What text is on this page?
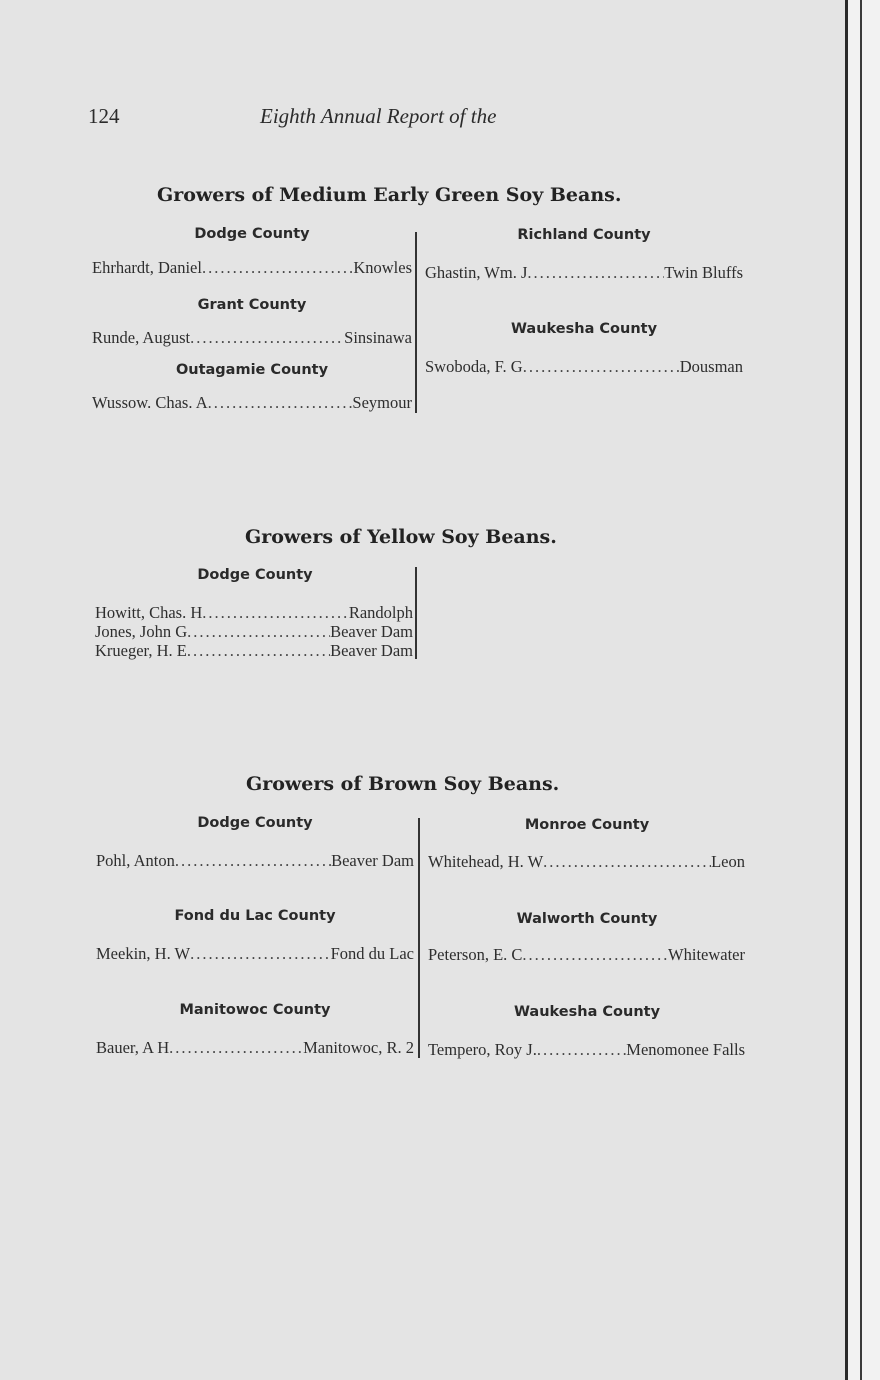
124	Eighth Annual Report of the
Growers of Medium Early Green Soy Beans.
Dodge County
Ehrhardt, Daniel .....	Knowles
Grant County
Runde, August .....	Sinsinawa
Outagamie County
Wussow. Chas. A .....	Seymour
Richland County
Ghastin, Wm. J .....	Twin Bluffs
Waukesha County
Swoboda, F. G .....	Dousman
Growers of Yellow Soy Beans.
Dodge County
Howitt, Chas. H .....	Randolph
Jones, John G .....	Beaver Dam
Krueger, H. E .....	Beaver Dam
Growers of Brown Soy Beans.
Dodge County
Pohl, Anton .....	Beaver Dam
Fond du Lac County
Meekin, H. W .....	Fond du Lac
Manitowoc County
Bauer, A H .....	Manitowoc, R. 2
Monroe County
Whitehead, H. W .....	Leon
Walworth County
Peterson, E. C .....	Whitewater
Waukesha County
Tempero, Roy J. .....	Menomonee Falls
